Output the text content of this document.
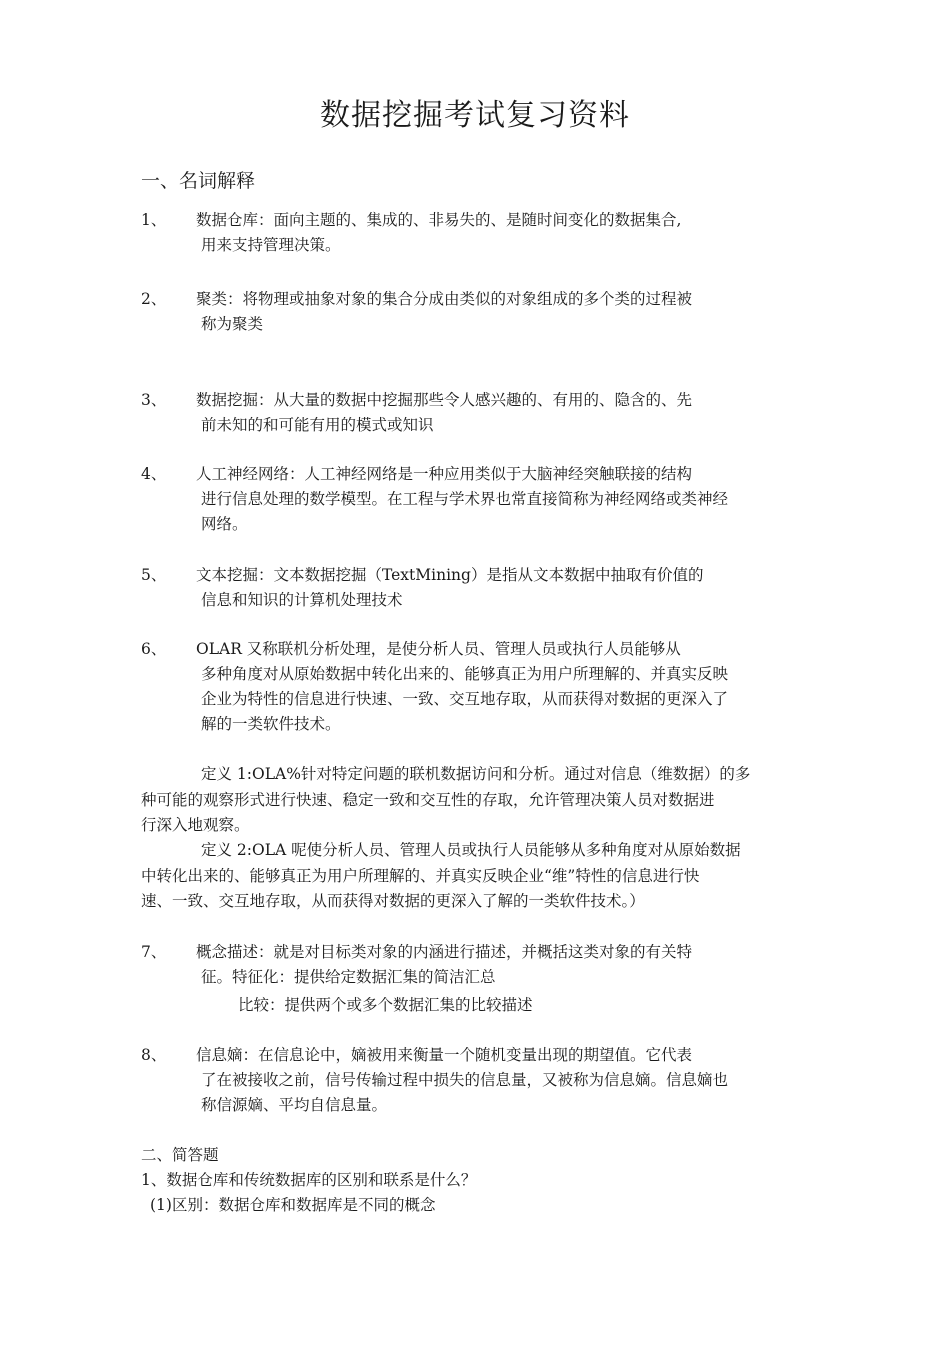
数据挖掘考试复习资料
一、名词解释
1、 数据仓库：面向主题的、集成的、非易失的、是随时间变化的数据集合,
用来支持管理决策。
2、 聚类：将物理或抽象对象的集合分成由类似的对象组成的多个类的过程被
称为聚类
3、 数据挖掘：从大量的数据中挖掘那些令人感兴趣的、有用的、隐含的、先
前未知的和可能有用的模式或知识
4、 人工神经网络：人工神经网络是一种应用类似于大脑神经突触联接的结构
进行信息处理的数学模型。在工程与学术界也常直接简称为神经网络或类神经
网络。
5、 文本挖掘：文本数据挖掘（TextMining）是指从文本数据中抽取有价值的
信息和知识的计算机处理技术
6、 OLAR 又称联机分析处理，是使分析人员、管理人员或执行人员能够从
多种角度对从原始数据中转化出来的、能够真正为用户所理解的、并真实反映
企业为特性的信息进行快速、一致、交互地存取，从而获得对数据的更深入了
解的一类软件技术。
定义 1:OLA%针对特定问题的联机数据访问和分析。通过对信息（维数据）的多
种可能的观察形式进行快速、稳定一致和交互性的存取，允许管理决策人员对数据进
行深入地观察。
定义 2:OLA 呢使分析人员、管理人员或执行人员能够从多种角度对从原始数据
中转化出来的、能够真正为用户所理解的、并真实反映企业“维”特性的信息进行快
速、一致、交互地存取，从而获得对数据的更深入了解的一类软件技术。）
7、 概念描述：就是对目标类对象的内涵进行描述，并概括这类对象的有关特
征。特征化：提供给定数据汇集的简洁汇总
比较：提供两个或多个数据汇集的比较描述
8、 信息嫡：在信息论中，嫡被用来衡量一个随机变量出现的期望值。它代表
了在被接收之前，信号传输过程中损失的信息量，又被称为信息嫡。信息嫡也
称信源嫡、平均自信息量。
二、简答题
1、数据仓库和传统数据库的区别和联系是什么？
(1)区别：数据仓库和数据库是不同的概念
